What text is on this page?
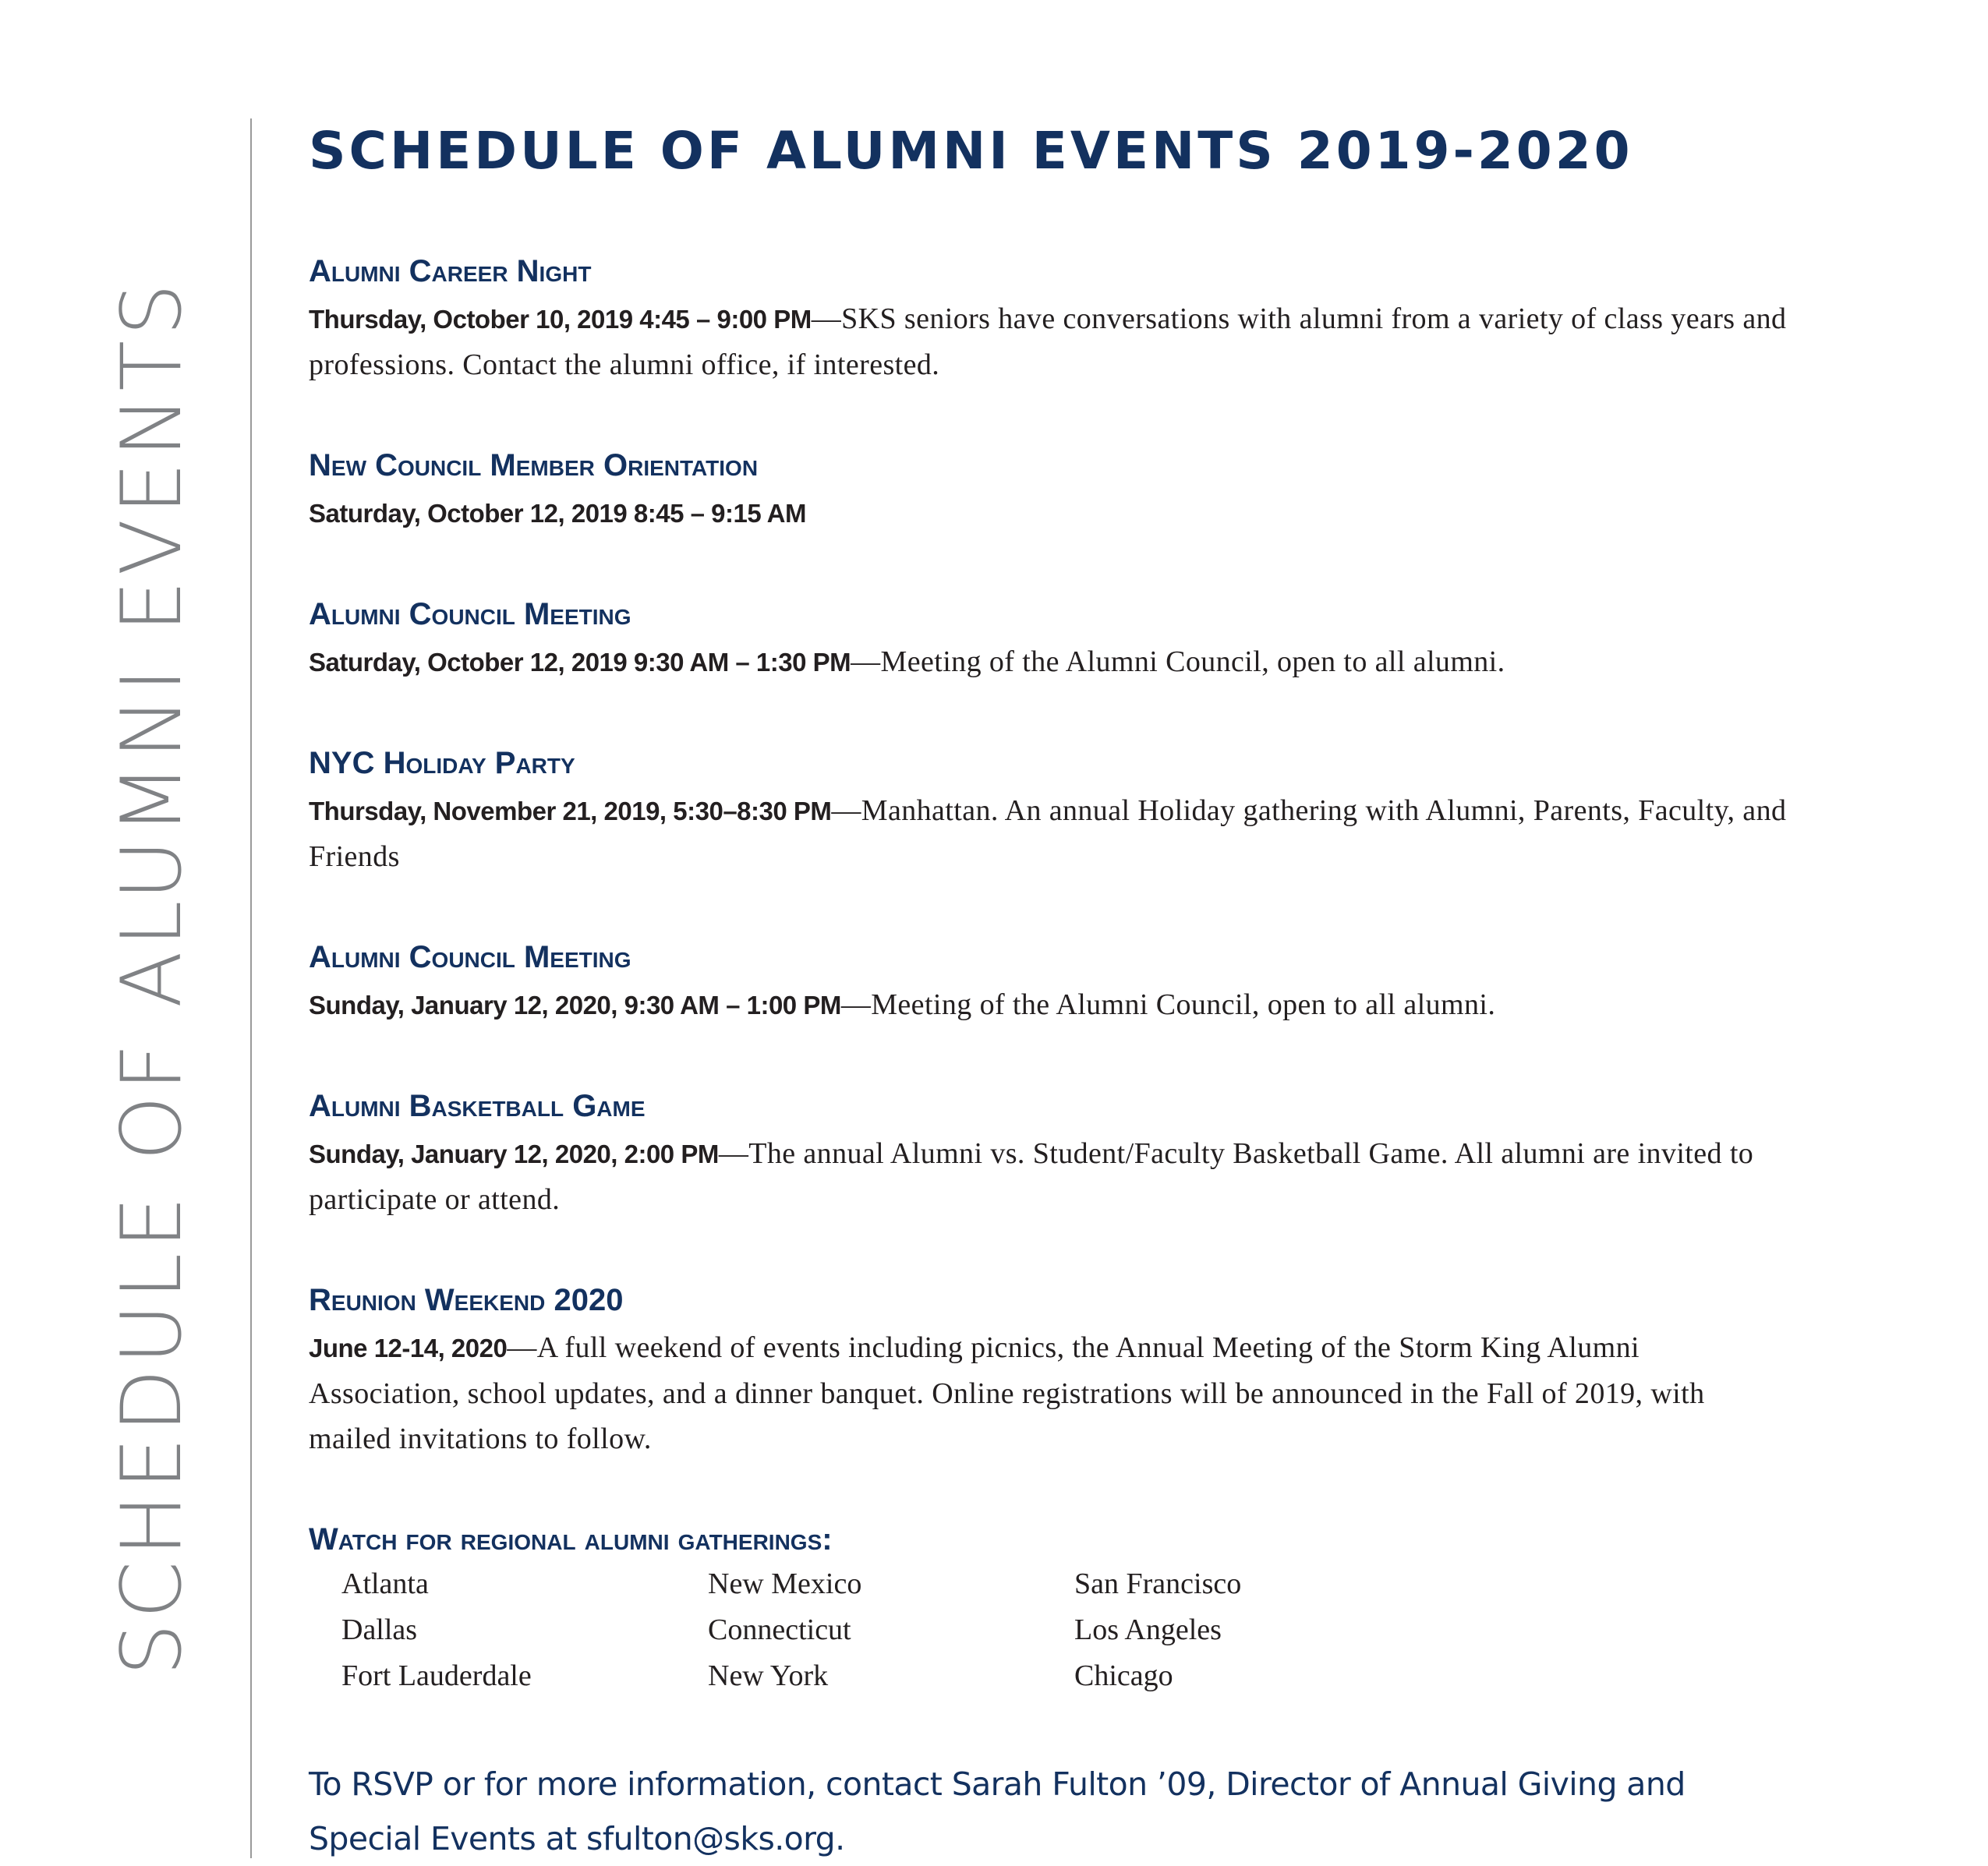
SCHEDULE OF ALUMNI EVENTS
SCHEDULE OF ALUMNI EVENTS 2019-2020
Alumni Career Night
Thursday, October 10, 2019 4:45 – 9:00 PM—SKS seniors have conversations with alumni from a variety of class years and professions. Contact the alumni office, if interested.
New Council Member Orientation
Saturday, October 12, 2019 8:45 – 9:15 AM
Alumni Council Meeting
Saturday, October 12, 2019 9:30 AM – 1:30 PM—Meeting of the Alumni Council, open to all alumni.
NYC Holiday Party
Thursday, November 21, 2019, 5:30–8:30 PM—Manhattan. An annual Holiday gathering with Alumni, Parents, Faculty, and Friends
Alumni Council Meeting
Sunday, January 12, 2020, 9:30 AM – 1:00 PM—Meeting of the Alumni Council, open to all alumni.
Alumni Basketball Game
Sunday, January 12, 2020, 2:00 PM—The annual Alumni vs. Student/Faculty Basketball Game. All alumni are invited to participate or attend.
Reunion Weekend 2020
June 12-14, 2020—A full weekend of events including picnics, the Annual Meeting of the Storm King Alumni Association, school updates, and a dinner banquet. Online registrations will be announced in the Fall of 2019, with mailed invitations to follow.
Watch for regional alumni gatherings:
Atlanta	New Mexico	San Francisco
Dallas	Connecticut	Los Angeles
Fort Lauderdale	New York	Chicago
To RSVP or for more information, contact Sarah Fulton ’09, Director of Annual Giving and Special Events at sfulton@sks.org.
